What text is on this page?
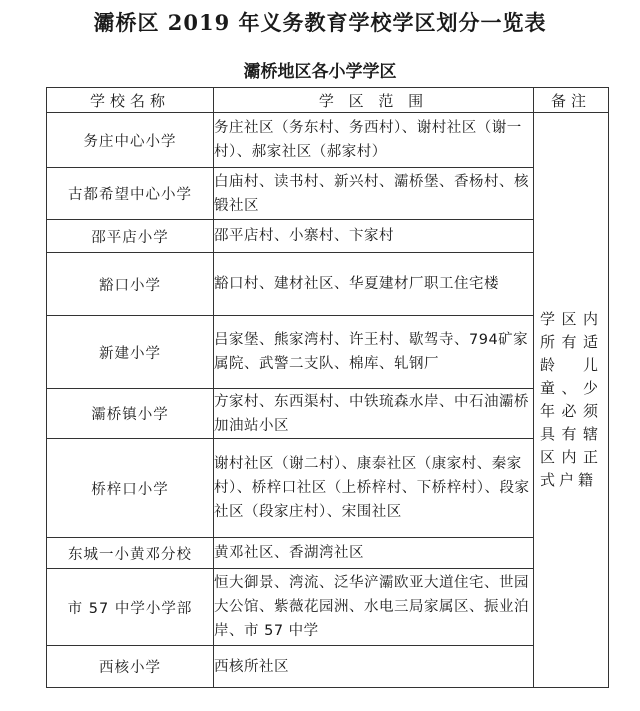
灞桥区 2019 年义务教育学校学区划分一览表
灞桥地区各小学学区
学校名称	学 区 范 围	备注
务庄中心小学	务庄社区（务东村、务西村）、谢村社区（谢一村）、郝家社区（郝家村）	学区内所有适龄儿童、少年必须具有辖区内正式户籍
古都希望中心小学	白庙村、读书村、新兴村、灞桥堡、香杨村、核锻社区	
邵平店小学	邵平店村、小寨村、卞家村	
豁口小学	豁口村、建材社区、华夏建材厂职工住宅楼	
新建小学	吕家堡、熊家湾村、许王村、歇驾寺、794矿家属院、武警二支队、棉库、轧钢厂	
灞桥镇小学	方家村、东西渠村、中铁琉森水岸、中石油灞桥加油站小区	
桥梓口小学	谢村社区（谢二村）、康泰社区（康家村、秦家村）、桥梓口社区（上桥梓村、下桥梓村）、段家社区（段家庄村）、宋围社区	
东城一小黄邓分校	黄邓社区、香湖湾社区	
市 57 中学小学部	恒大御景、湾流、泛华浐灞欧亚大道住宅、世园大公馆、紫薇花园洲、水电三局家属区、振业泊岸、市 57 中学	
西核小学	西核所社区	
